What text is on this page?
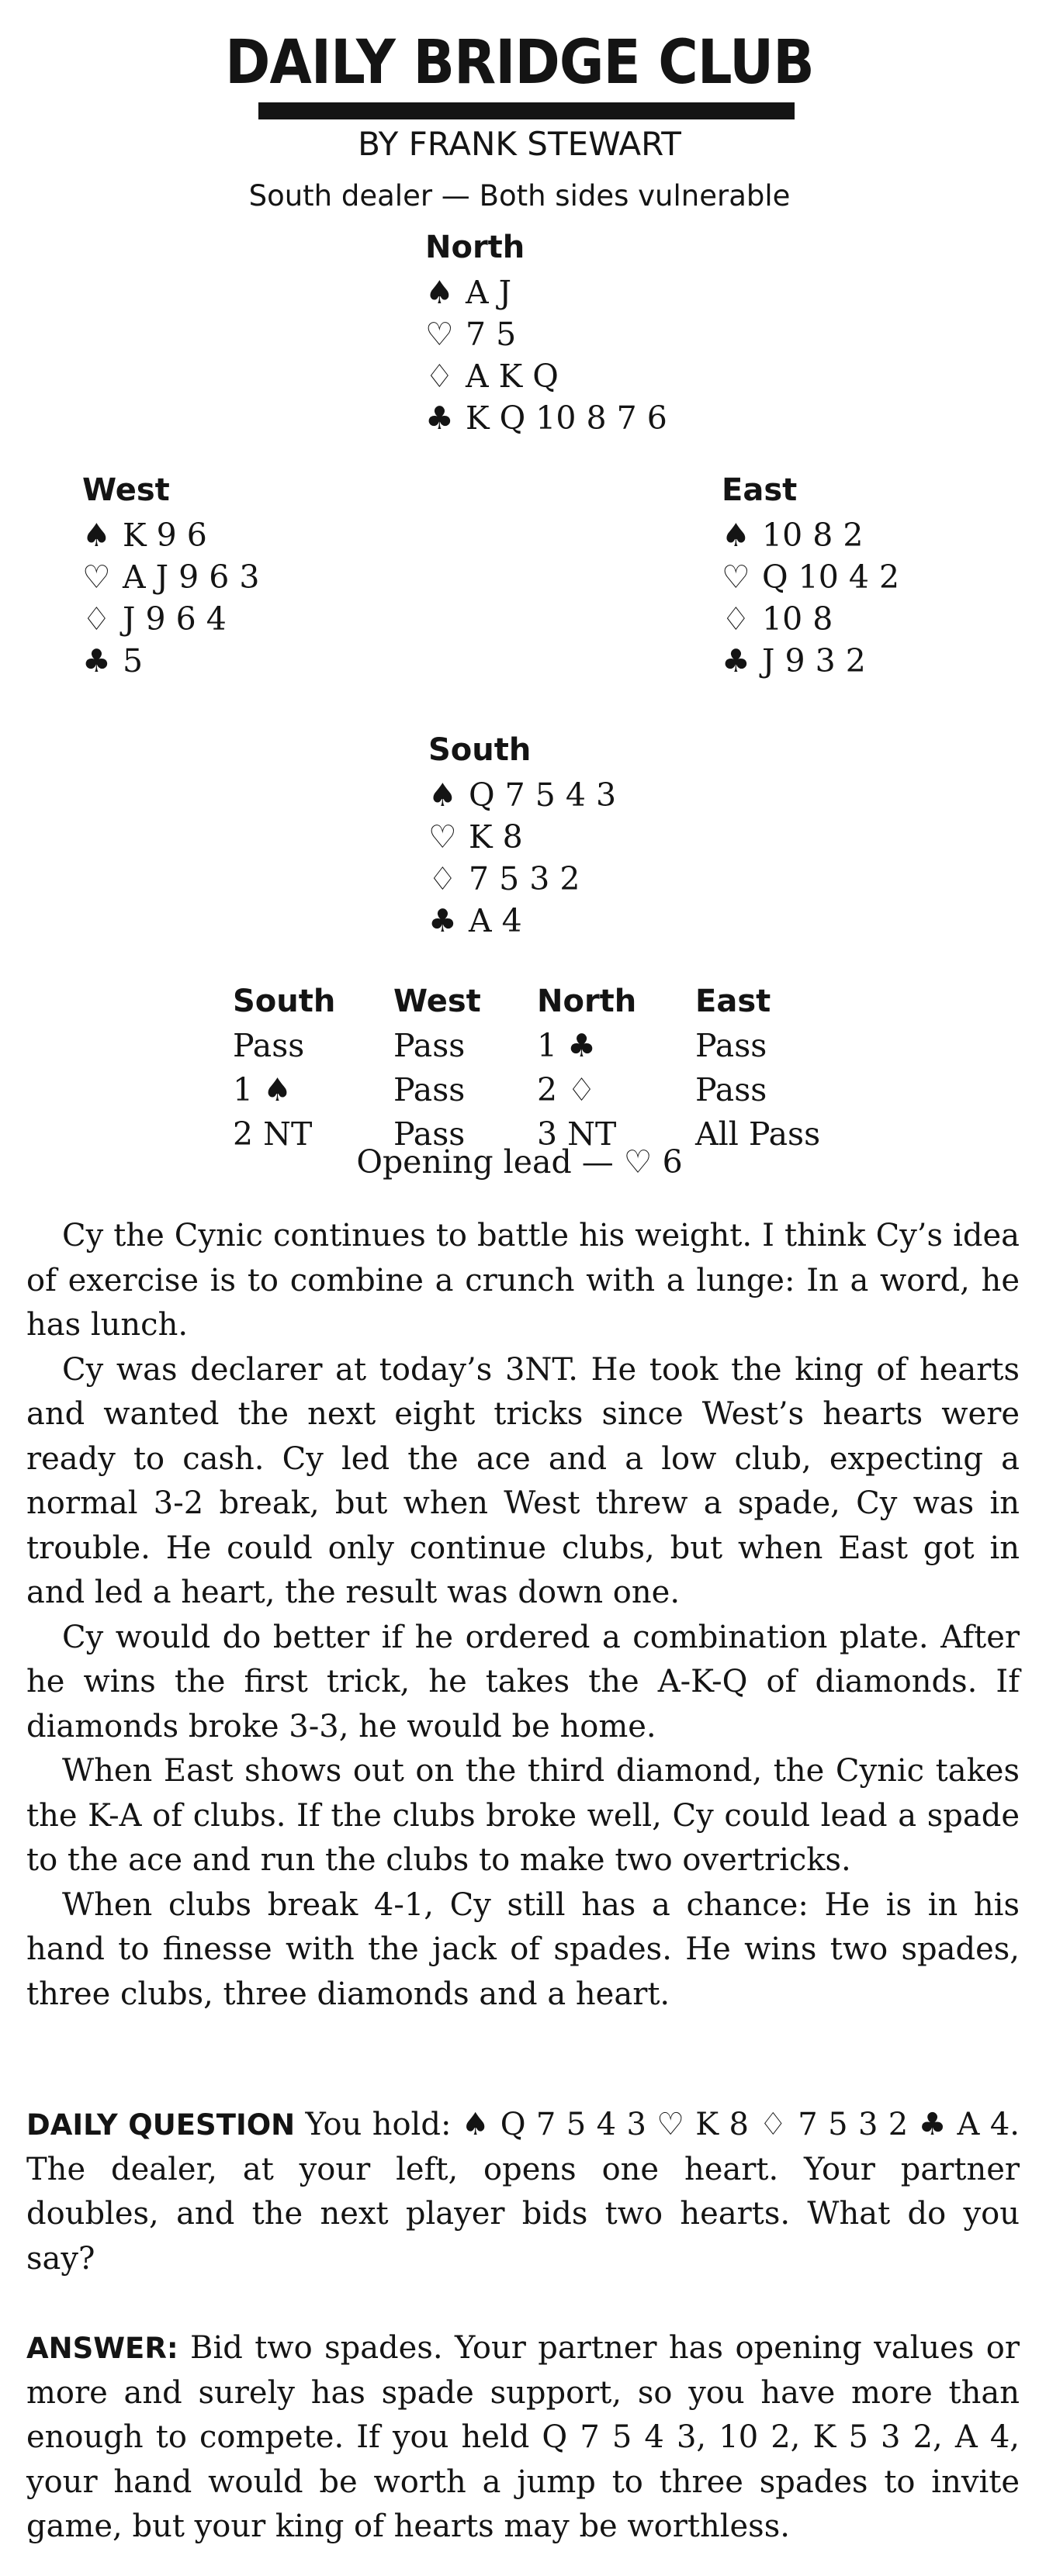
DAILY BRIDGE CLUB
BY FRANK STEWART
South dealer — Both sides vulnerable
North
♠ A J
♡ 7 5
♢ A K Q
♣ K Q 10 8 7 6
West
♠ K 9 6
♡ A J 9 6 3
♢ J 9 6 4
♣ 5
East
♠ 10 8 2
♡ Q 10 4 2
♢ 10 8
♣ J 9 3 2
South
♠ Q 7 5 4 3
♡ K 8
♢ 7 5 3 2
♣ A 4
South	West	North	East
Pass	Pass	1 ♣	Pass
1 ♠	Pass	2 ♢	Pass
2 NT	Pass	3 NT	All Pass
Opening lead — ♡ 6

Cy the Cynic continues to battle his weight. I think Cy’s idea of exercise is to combine a crunch with a lunge: In a word, he has lunch.

Cy was declarer at today’s 3NT. He took the king of hearts and wanted the next eight tricks since West’s hearts were ready to cash. Cy led the ace and a low club, expecting a normal 3-2 break, but when West threw a spade, Cy was in trouble. He could only continue clubs, but when East got in and led a heart, the result was down one.

Cy would do better if he ordered a combination plate. After he wins the first trick, he takes the A-K-Q of diamonds. If diamonds broke 3-3, he would be home.

When East shows out on the third diamond, the Cynic takes the K-A of clubs. If the clubs broke well, Cy could lead a spade to the ace and run the clubs to make two overtricks.

When clubs break 4-1, Cy still has a chance: He is in his hand to finesse with the jack of spades. He wins two spades, three clubs, three diamonds and a heart.

DAILY QUESTION You hold: ♠ Q 7 5 4 3 ♡ K 8 ♢ 7 5 3 2 ♣ A 4. The dealer, at your left, opens one heart. Your partner doubles, and the next player bids two hearts. What do you say?
ANSWER: Bid two spades. Your partner has opening values or more and surely has spade support, so you have more than enough to compete. If you held Q 7 5 4 3, 10 2, K 5 3 2, A 4, your hand would be worth a jump to three spades to invite game, but your king of hearts may be worthless.
